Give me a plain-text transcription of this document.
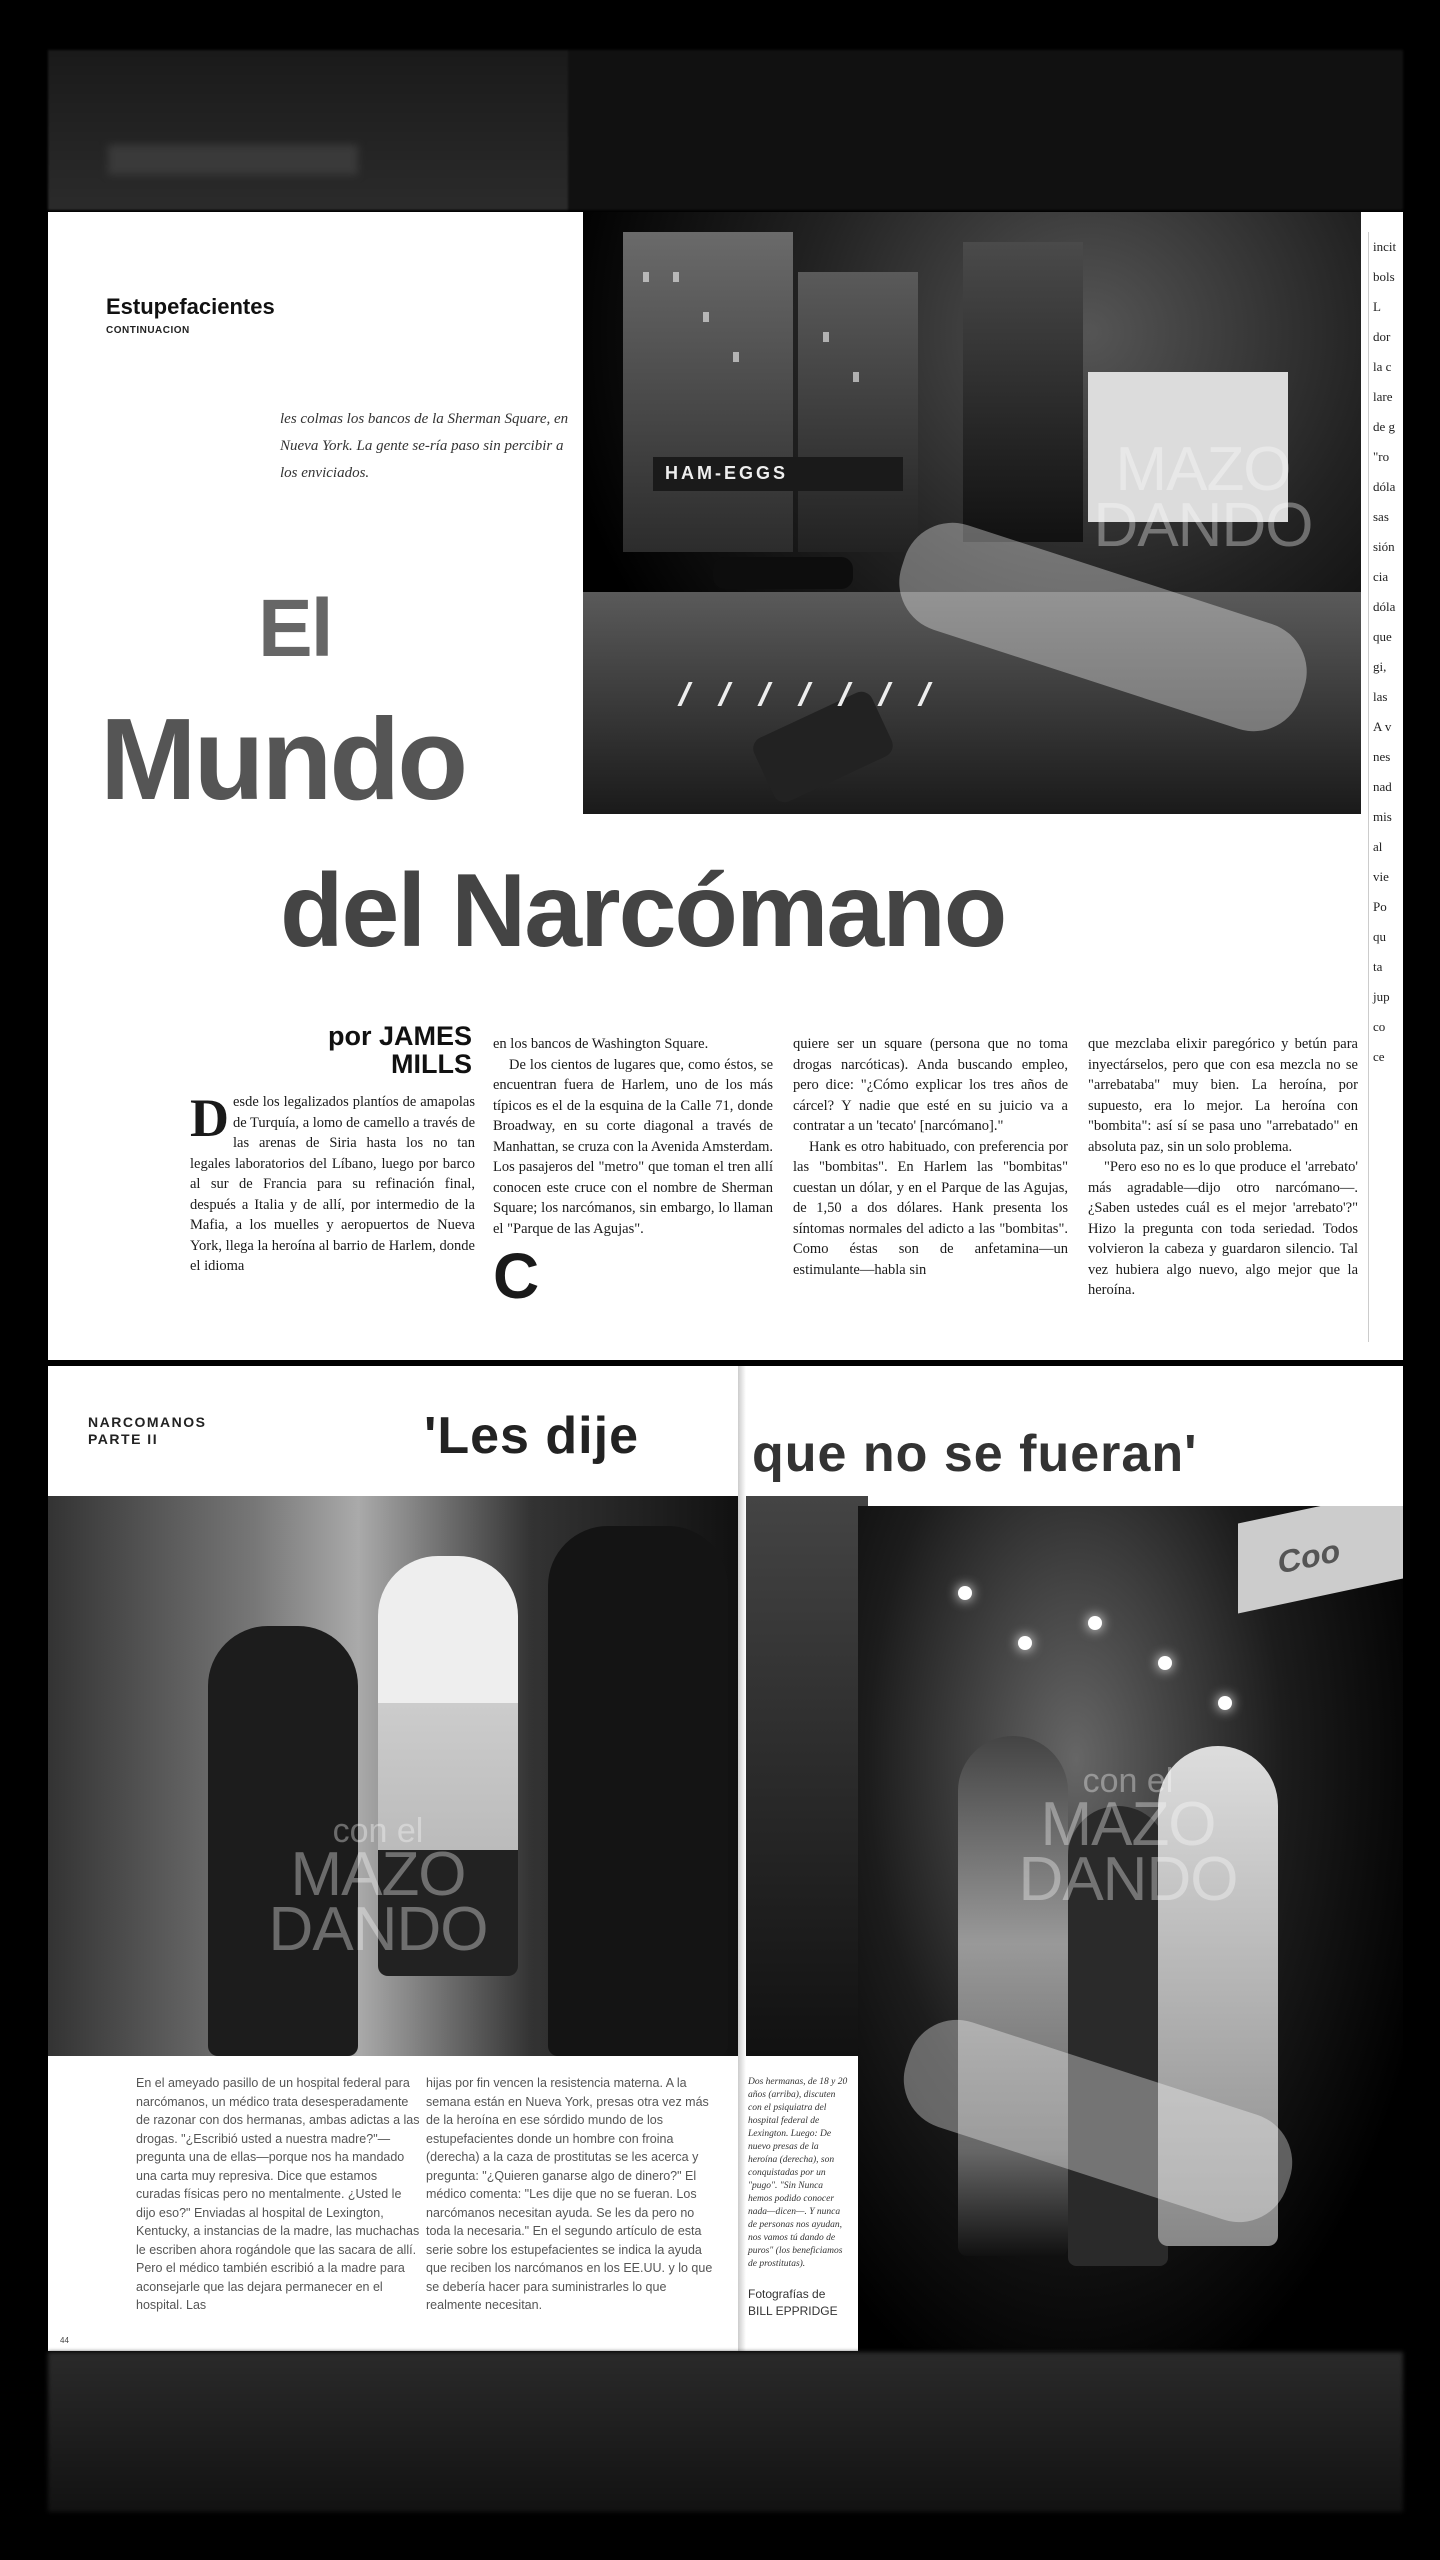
Estupefacientes
CONTINUACION
les colmas los bancos de la Sherman Square, en Nueva York. La gente se-ría paso sin percibir a los enviciados.
El
Mundo
del Narcómano
HAM-EGGS	MAZO
DANDO
incit
bols
L
dor
la c
lare
de g
"ro
dóla
sas
sión
cia
dóla
que
gi,
las
A v
nes
nad
mis
al
vie
Po
qu
ta
jup
co
ce
por JAMES MILLS
Desde los legalizados plantíos de amapolas de Turquía, a lomo de camello a través de las arenas de Siria hasta los no tan legales laboratorios del Líbano, luego por barco al sur de Francia para su refinación final, después a Italia y de allí, por intermedio de la Mafia, a los muelles y aeropuertos de Nueva York, llega la heroína al barrio de Harlem, donde el idioma

en los bancos de Washington Square.

De los cientos de lugares que, como éstos, se encuentran fuera de Harlem, uno de los más típicos es el de la esquina de la Calle 71, donde Broadway, en su corte diagonal a través de Manhattan, se cruza con la Avenida Amsterdam. Los pasajeros del "metro" que toman el tren allí conocen este cruce con el nombre de Sherman Square; los narcómanos, sin embargo, lo llaman el "Parque de las Agujas".

C

quiere ser un square (persona que no toma drogas narcóticas). Anda buscando empleo, pero dice: "¿Cómo explicar los tres años de cárcel? Y nadie que esté en su juicio va a contratar a un 'tecato' [narcómano]."

Hank es otro habituado, con preferencia por las "bombitas". En Harlem las "bombitas" cuestan un dólar, y en el Parque de las Agujas, de 1,50 a dos dólares. Hank presenta los síntomas normales del adicto a las "bombitas". Como éstas son de anfetamina—un estimulante—habla sin

que mezclaba elixir paregórico y betún para inyectárselos, pero que con esa mezcla no se "arrebataba" muy bien. La heroína, por supuesto, era lo mejor. La heroína con "bombita": así sí se pasa uno "arrebatado" en absoluta paz, sin un solo problema.

"Pero eso no es lo que produce el 'arrebato' más agradable—dijo otro narcómano—. ¿Saben ustedes cuál es el mejor 'arrebato'?" Hizo la pregunta con toda seriedad. Todos volvieron la cabeza y guardaron silencio. Tal vez hubiera algo nuevo, algo mejor que la heroína.

NARCOMANOS
PARTE II	'Les dije que no se fueran'
con el
MAZO
DANDO
Coo
con el
MAZO
DANDO
En el ameyado pasillo de un hospital federal para narcómanos, un médico trata desesperadamente de razonar con dos hermanas, ambas adictas a las drogas. "¿Escribió usted a nuestra madre?"—pregunta una de ellas—porque nos ha mandado una carta muy represiva. Dice que estamos curadas físicas pero no mentalmente. ¿Usted le dijo eso?" Enviadas al hospital de Lexington, Kentucky, a instancias de la madre, las muchachas le escriben ahora rogándole que las sacara de allí. Pero el médico también escribió a la madre para aconsejarle que las dejara permanecer en el hospital. Las
hijas por fin vencen la resistencia materna. A la semana están en Nueva York, presas otra vez más de la heroína en ese sórdido mundo de los estupefacientes donde un hombre con froina (derecha) a la caza de prostitutas se les acerca y pregunta: "¿Quieren ganarse algo de dinero?" El médico comenta: "Les dije que no se fueran. Los narcómanos necesitan ayuda. Se les da pero no toda la necesaria." En el segundo artículo de esta serie sobre los estupefacientes se indica la ayuda que reciben los narcómanos en los EE.UU. y lo que se debería hacer para suministrarles lo que realmente necesitan.
Dos hermanas, de 18 y 20 años (arriba), discuten con el psiquiatra del hospital federal de Lexington. Luego: De nuevo presas de la heroína (derecha), son conquistadas por un "pugo". "Sin Nunca hemos podido conocer nada—dicen—. Y nunca de personas nos ayudan, nos vamos tú dando de puros" (los beneficiamos de prostitutas).
Fotografías de
BILL EPPRIDGE
44
